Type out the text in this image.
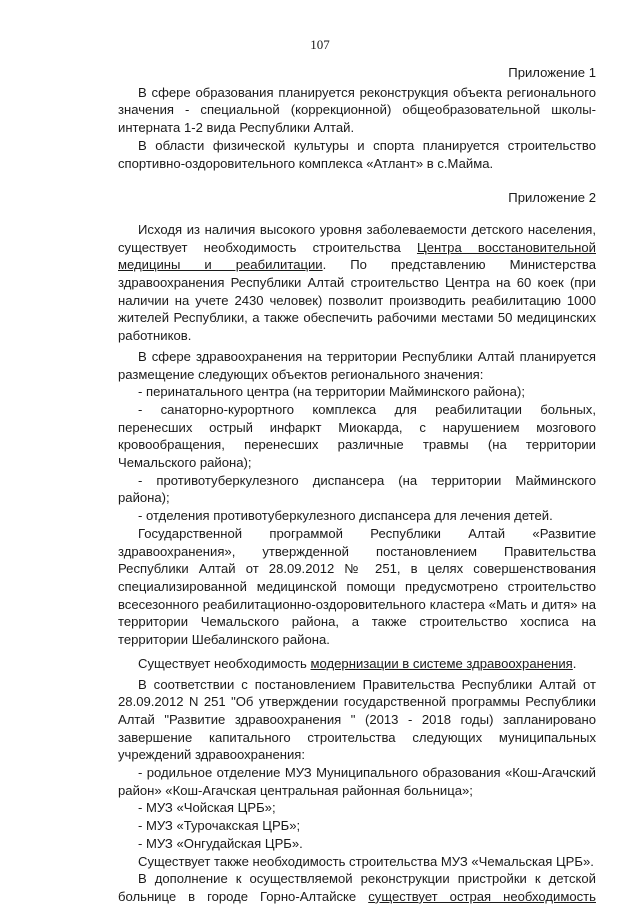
107
Приложение 1
В сфере образования планируется реконструкция объекта регионального значения - специальной (коррекционной) общеобразовательной школы-интерната 1-2 вида Республики Алтай.
В области физической культуры и спорта планируется строительство спортивно-оздоровительного комплекса «Атлант» в с.Майма.
Приложение 2
Исходя из наличия высокого уровня заболеваемости детского населения, существует необходимость строительства Центра восстановительной медицины и реабилитации. По представлению Министерства здравоохранения Республики Алтай строительство Центра на 60 коек (при наличии на учете 2430 человек) позволит производить реабилитацию 1000 жителей Республики, а также обеспечить рабочими местами 50 медицинских работников.
В сфере здравоохранения на территории Республики Алтай планируется размещение следующих объектов регионального значения:
- перинатального центра (на территории Майминского района);
- санаторно-курортного комплекса для реабилитации больных, перенесших острый инфаркт Миокарда, с нарушением мозгового кровообращения, перенесших различные травмы (на территории Чемальского района);
- противотуберкулезного диспансера (на территории Майминского района);
- отделения противотуберкулезного диспансера для лечения детей.
Государственной программой Республики Алтай «Развитие здравоохранения», утвержденной постановлением Правительства Республики Алтай от 28.09.2012 № 251, в целях совершенствования специализированной медицинской помощи предусмотрено строительство всесезонного реабилитационно-оздоровительного кластера «Мать и дитя» на территории Чемальского района, а также строительство хосписа на территории Шебалинского района.
Существует необходимость модернизации в системе здравоохранения.
В соответствии с постановлением Правительства Республики Алтай от 28.09.2012 N 251 "Об утверждении государственной программы Республики Алтай "Развитие здравоохранения " (2013 - 2018 годы) запланировано завершение капитального строительства следующих муниципальных учреждений здравоохранения:
- родильное отделение МУЗ Муниципального образования «Кош-Агачский район» «Кош-Агачская центральная районная больница»;
- МУЗ «Чойская ЦРБ»;
- МУЗ «Турочакская ЦРБ»;
- МУЗ «Онгудайская ЦРБ».
Существует также необходимость строительства МУЗ «Чемальская ЦРБ».
В дополнение к осуществляемой реконструкции пристройки к детской больнице в городе Горно-Алтайске существует острая необходимость
